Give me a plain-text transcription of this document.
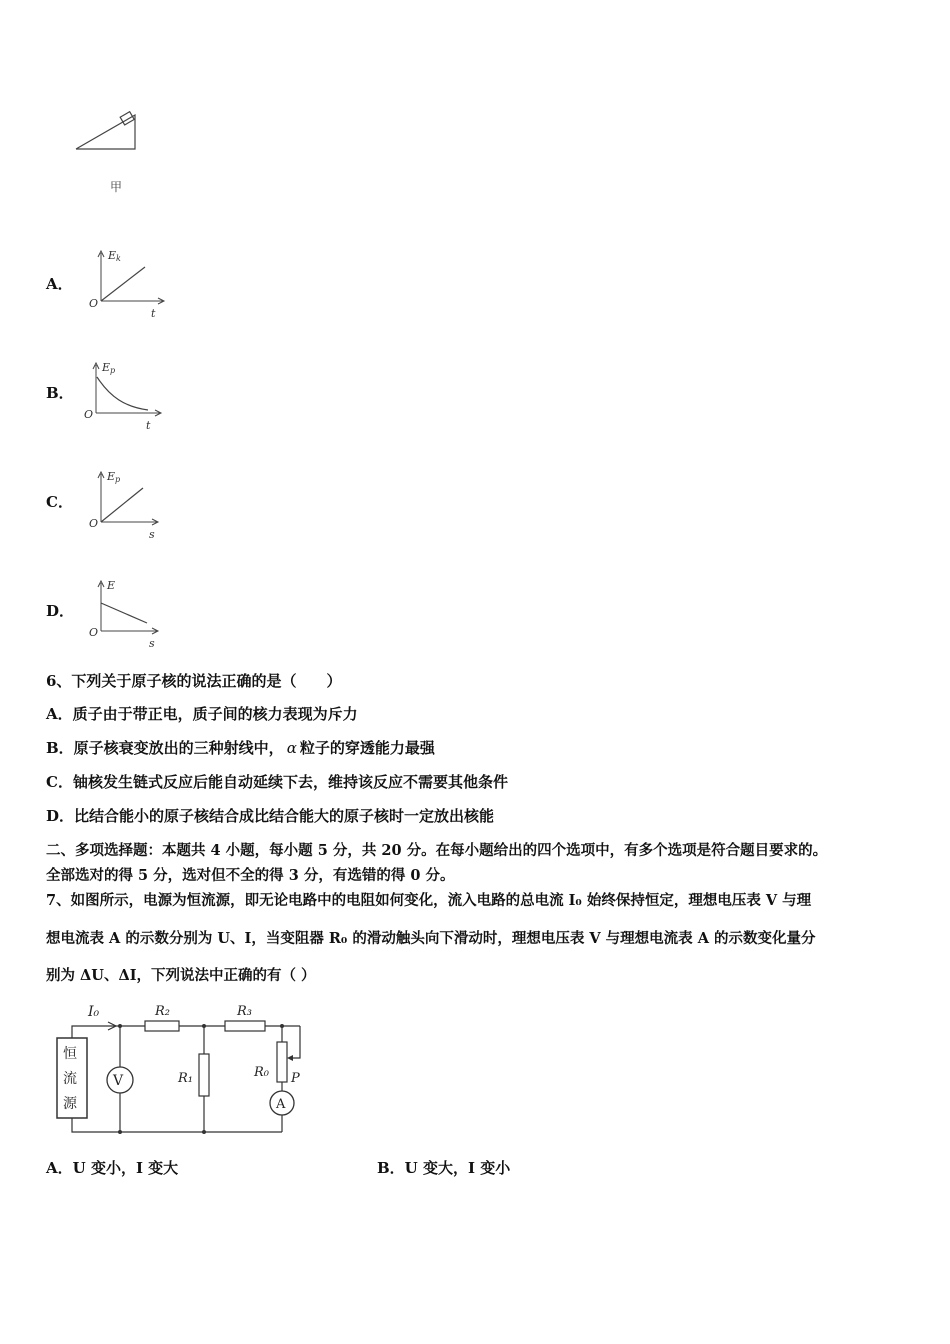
甲
A．
Ek
O
t
B．
Ep
O
t
C．
Ep
O
s
D．
E
O
s
6、下列关于原子核的说法正确的是（　　）
A．质子由于带正电，质子间的核力表现为斥力
B．原子核衰变放出的三种射线中， α 粒子的穿透能力最强
C．铀核发生链式反应后能自动延续下去，维持该反应不需要其他条件
D．比结合能小的原子核结合成比结合能大的原子核时一定放出核能
二、多项选择题：本题共 4 小题，每小题 5 分，共 20 分。在每小题给出的四个选项中，有多个选项是符合题目要求的。
全部选对的得 5 分，选对但不全的得 3 分，有选错的得 0 分。
7、如图所示，电源为恒流源，即无论电路中的电阻如何变化，流入电路的总电流 I₀ 始终保持恒定，理想电压表 V 与理
想电流表 A 的示数分别为 U、I，当变阻器 R₀ 的滑动触头向下滑动时，理想电压表 V 与理想电流表 A 的示数变化量分
别为 ΔU、ΔI，下列说法中正确的有（ ）
恒
流
源
I₀	R₂	R₃
V	R₁	R₀ P
A
A．U 变小，I 变大	B．U 变大，I 变小
